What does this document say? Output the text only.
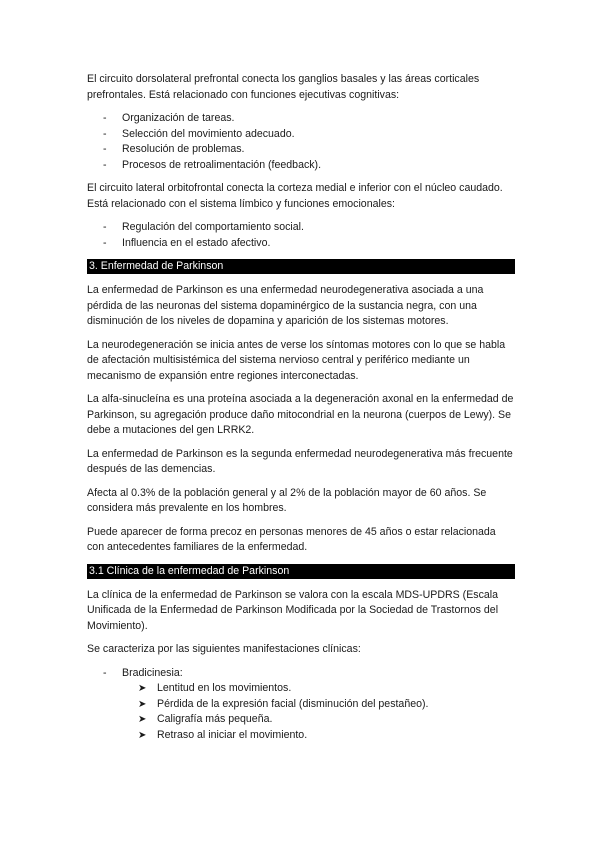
El circuito dorsolateral prefrontal conecta los ganglios basales y las áreas corticales prefrontales. Está relacionado con funciones ejecutivas cognitivas:

- Organización de tareas.
- Selección del movimiento adecuado.
- Resolución de problemas.
- Procesos de retroalimentación (feedback).

El circuito lateral orbitofrontal conecta la corteza medial e inferior con el núcleo caudado. Está relacionado con el sistema límbico y funciones emocionales:

- Regulación del comportamiento social.
- Influencia en el estado afectivo.
3. Enfermedad de Parkinson

La enfermedad de Parkinson es una enfermedad neurodegenerativa asociada a una pérdida de las neuronas del sistema dopaminérgico de la sustancia negra, con una disminución de los niveles de dopamina y aparición de los sistemas motores.

La neurodegeneración se inicia antes de verse los síntomas motores con lo que se habla de afectación multisistémica del sistema nervioso central y periférico mediante un mecanismo de expansión entre regiones interconectadas.

La alfa-sinucleína es una proteína asociada a la degeneración axonal en la enfermedad de Parkinson, su agregación produce daño mitocondrial en la neurona (cuerpos de Lewy). Se debe a mutaciones del gen LRRK2.

La enfermedad de Parkinson es la segunda enfermedad neurodegenerativa más frecuente después de las demencias.

Afecta al 0.3% de la población general y al 2% de la población mayor de 60 años. Se considera más prevalente en los hombres.

Puede aparecer de forma precoz en personas menores de 45 años o estar relacionada con antecedentes familiares de la enfermedad.

3.1 Clínica de la enfermedad de Parkinson

La clínica de la enfermedad de Parkinson se valora con la escala MDS-UPDRS (Escala Unificada de la Enfermedad de Parkinson Modificada por la Sociedad de Trastornos del Movimiento).

Se caracteriza por las siguientes manifestaciones clínicas:

- Bradicinesia:
➤ Lentitud en los movimientos.
➤ Pérdida de la expresión facial (disminución del pestañeo).
➤ Caligrafía más pequeña.
➤ Retraso al iniciar el movimiento.
